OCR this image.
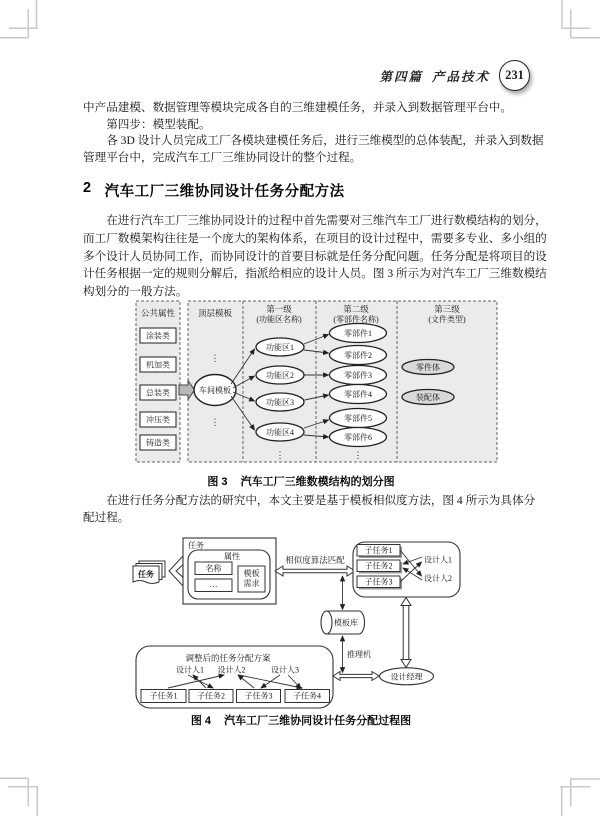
第四篇 产品技术	231
中产品建模、数据管理等模块完成各自的三维建模任务，并录入到数据管理平台中。
第四步：模型装配。
各 3D 设计人员完成工厂各模块建模任务后，进行三维模型的总体装配，并录入到数据
管理平台中，完成汽车工厂三维协同设计的整个过程。
2 汽车工厂三维协同设计任务分配方法
在进行汽车工厂三维协同设计的过程中首先需要对三维汽车工厂进行数模结构的划分，
而工厂数模架构往往是一个庞大的架构体系，在项目的设计过程中，需要多专业、多小组的
多个设计人员协同工作，而协同设计的首要目标就是任务分配问题。任务分配是将项目的设
计任务根据一定的规则分解后，指派给相应的设计人员。图 3 所示为对汽车工厂三维数模结
构划分的一般方法。
公共属性	顶层模板	第一级
(功能区名称)
第二级
(零部件名称)
第三级
(文件类型)
涂装类
机加类
总装类
冲压类
铸造类
车间模板
⋮
⋮
功能区1
功能区2
功能区3
功能区4
⋮
零部件1
零部件2
零部件3
零部件4
零部件5
零部件6
⋮
零件体
装配体
图 3 汽车工厂三维数模结构的划分图
在进行任务分配方法的研究中，本文主要是基于模板相似度方法，图 4 所示为具体分
配过程。
任务
任务
属性
名称
…
模板
需求
相似度算法匹配
子任务1
子任务2
子任务3
设计人1
设计人2
模板库
推理机
调整后的任务分配方案
设计人1 设计人2	设计人3
子任务1 子任务2 子任务3	子任务4
设计经理
图 4 汽车工厂三维协同设计任务分配过程图
